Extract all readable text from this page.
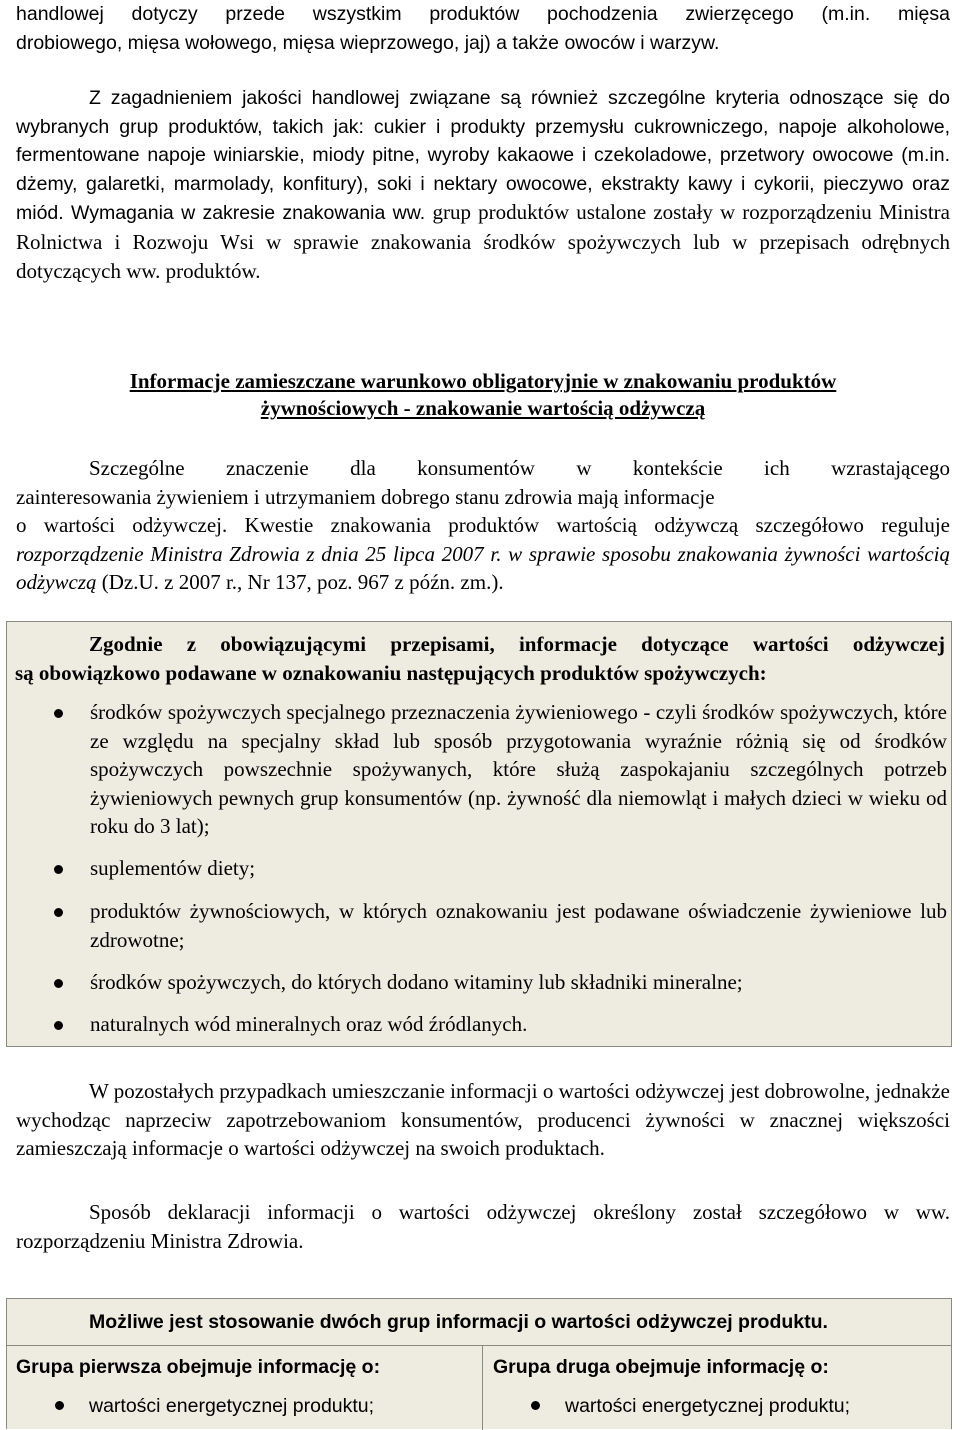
handlowej dotyczy przede wszystkim produktów pochodzenia zwierzęcego (m.in. mięsa

drobiowego, mięsa wołowego, mięsa wieprzowego, jaj) a także owoców i warzyw.

Z zagadnieniem jakości handlowej związane są również szczególne kryteria odnoszące się do wybranych grup produktów, takich jak: cukier i produkty przemysłu cukrowniczego, napoje alkoholowe, fermentowane napoje winiarskie, miody pitne, wyroby kakaowe i czekoladowe, przetwory owocowe (m.in. dżemy, galaretki, marmolady, konfitury), soki i nektary owocowe, ekstrakty kawy i cykorii, pieczywo oraz miód. Wymagania w zakresie znakowania ww. grup produktów ustalone zostały w rozporządzeniu Ministra Rolnictwa i Rozwoju Wsi w sprawie znakowania środków spożywczych lub w przepisach odrębnych dotyczących ww. produktów.

Informacje zamieszczane warunkowo obligatoryjnie w znakowaniu produktów
żywnościowych - znakowanie wartością odżywczą

Szczególne znaczenie dla konsumentów w kontekście ich wzrastającego

zainteresowania żywieniem i utrzymaniem dobrego stanu zdrowia mają informacje

o wartości odżywczej. Kwestie znakowania produktów wartością odżywczą szczegółowo reguluje rozporządzenie Ministra Zdrowia z dnia 25 lipca 2007 r. w sprawie sposobu znakowania żywności wartością odżywczą (Dz.U. z 2007 r., Nr 137, poz. 967 z późn. zm.).

Zgodnie z obowiązującymi przepisami, informacje dotyczące wartości odżywczej
są obowiązkowo podawane w oznakowaniu następujących produktów spożywczych:
środków spożywczych specjalnego przeznaczenia żywieniowego - czyli środków spożywczych, które ze względu na specjalny skład lub sposób przygotowania wyraźnie różnią się od środków spożywczych powszechnie spożywanych, które służą zaspokajaniu szczególnych potrzeb żywieniowych pewnych grup konsumentów (np. żywność dla niemowląt i małych dzieci w wieku od roku do 3 lat);
suplementów diety;
produktów żywnościowych, w których oznakowaniu jest podawane oświadczenie żywieniowe lub zdrowotne;
środków spożywczych, do których dodano witaminy lub składniki mineralne;
naturalnych wód mineralnych oraz wód źródlanych.

W pozostałych przypadkach umieszczanie informacji o wartości odżywczej jest dobrowolne, jednakże wychodząc naprzeciw zapotrzebowaniom konsumentów, producenci żywności w znacznej większości zamieszczają informacje o wartości odżywczej na swoich produktach.

Sposób deklaracji informacji o wartości odżywczej określony został szczegółowo w ww. rozporządzeniu Ministra Zdrowia.

Możliwe jest stosowanie dwóch grup informacji o wartości odżywczej produktu.
Grupa pierwsza obejmuje informację o:
wartości energetycznej produktu;
Grupa druga obejmuje informację o:
wartości energetycznej produktu;
